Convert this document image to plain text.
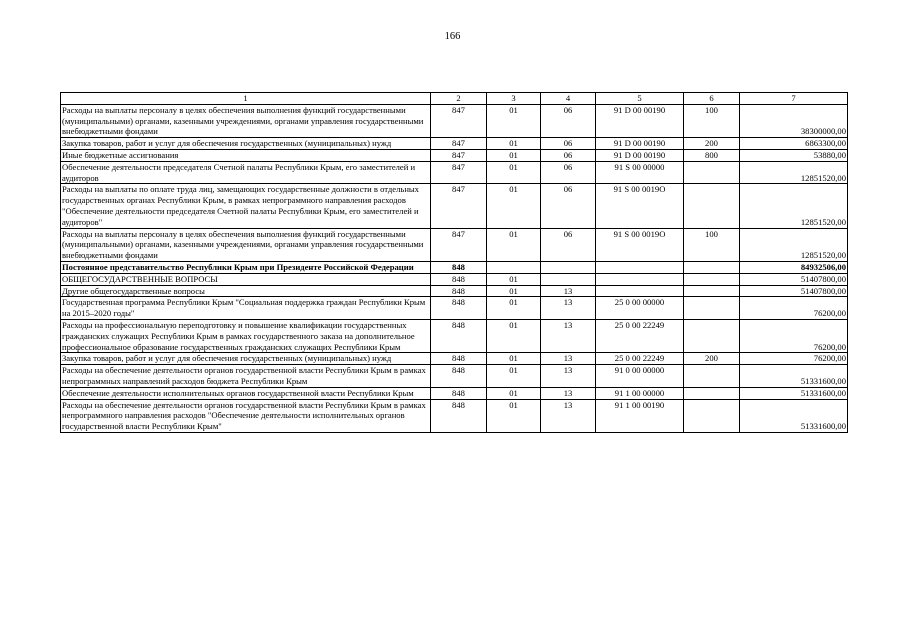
166
1	2	3	4	5	6	7
Расходы на выплаты персоналу в целях обеспечения выполнения функций государственными (муниципальными) органами, казенными учреждениями, органами управления государственными внебюджетными фондами	847	01	06	91 D 00 00190	100	38300000,00
Закупка товаров, работ и услуг для обеспечения государственных (муниципальных) нужд	847	01	06	91 D 00 00190	200	6863300,00
Иные бюджетные ассигнования	847	01	06	91 D 00 00190	800	53880,00
Обеспечение деятельности председателя Счетной палаты Республики Крым, его заместителей и аудиторов	847	01	06	91 S 00 00000		12851520,00
Расходы на выплаты по оплате труда лиц, замещающих государственные должности в отдельных государственных органах Республики Крым, в рамках непрограммного направления расходов "Обеспечение деятельности председателя Счетной палаты Республики Крым, его заместителей и аудиторов"	847	01	06	91 S 00 0019O		12851520,00
Расходы на выплаты персоналу в целях обеспечения выполнения функций государственными (муниципальными) органами, казенными учреждениями, органами управления государственными внебюджетными фондами	847	01	06	91 S 00 0019O	100	12851520,00
Постоянное представительство Республики Крым при Президенте Российской Федерации	848					84932506,00
ОБЩЕГОСУДАРСТВЕННЫЕ ВОПРОСЫ	848	01				51407800,00
Другие общегосударственные вопросы	848	01	13			51407800,00
Государственная программа Республики Крым "Социальная поддержка граждан Республики Крым на 2015–2020 годы"	848	01	13	25 0 00 00000		76200,00
Расходы на профессиональную переподготовку и повышение квалификации государственных гражданских служащих Республики Крым в рамках государственного заказа на дополнительное профессиональное образование государственных гражданских служащих Республики Крым	848	01	13	25 0 00 22249		76200,00
Закупка товаров, работ и услуг для обеспечения государственных (муниципальных) нужд	848	01	13	25 0 00 22249	200	76200,00
Расходы на обеспечение деятельности органов государственной власти Республики Крым в рамках непрограммных направлений расходов бюджета Республики Крым	848	01	13	91 0 00 00000		51331600,00
Обеспечение деятельности исполнительных органов государственной власти Республики Крым	848	01	13	91 1 00 00000		51331600,00
Расходы на обеспечение деятельности органов государственной власти Республики Крым в рамках непрограммного направления расходов "Обеспечение деятельности исполнительных органов государственной власти Республики Крым"	848	01	13	91 1 00 00190		51331600,00
